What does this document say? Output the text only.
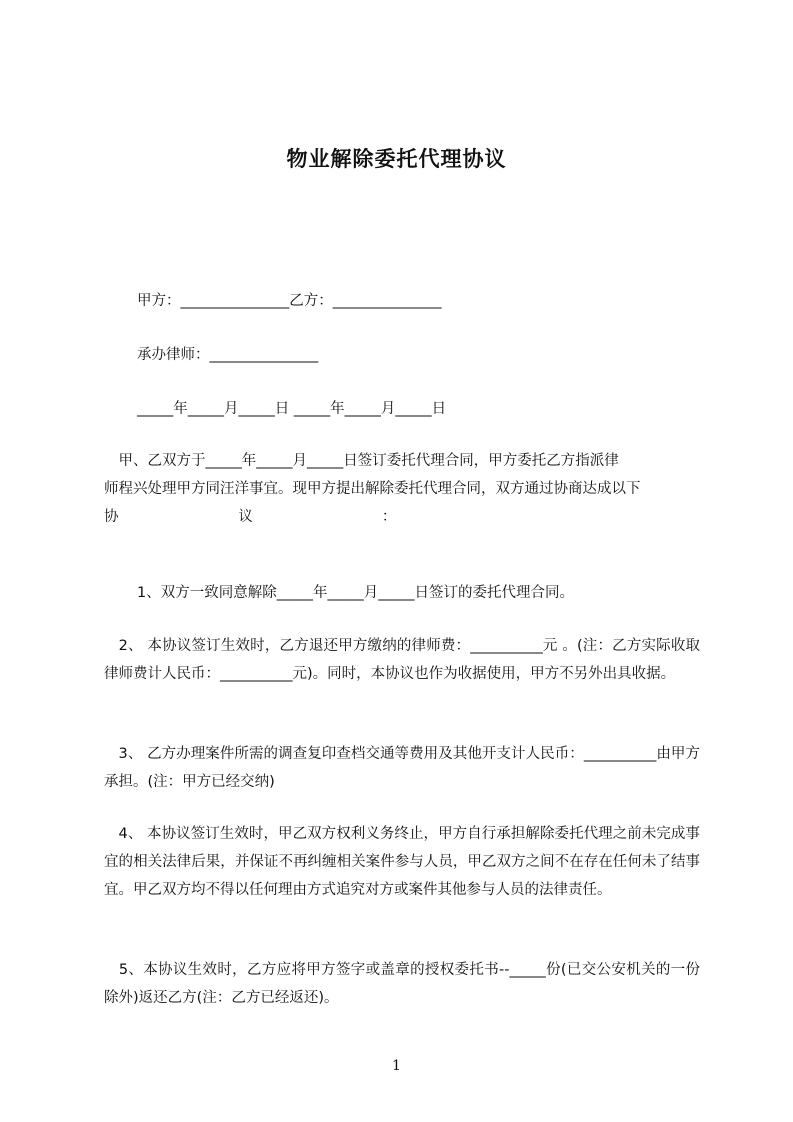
物业解除委托代理协议
甲方：_______________乙方：_______________
承办律师：_______________
_____年_____月_____日 _____年_____月_____日
　甲、乙双方于_____年_____月_____日签订委托代理合同，甲方委托乙方指派律
师程兴处理甲方同汪洋事宜。现甲方提出解除委托代理合同，双方通过协商达成以下
协                          议                            ：
1、双方一致同意解除_____年_____月_____日签订的委托代理合同。
　2、 本协议签订生效时，乙方退还甲方缴纳的律师费：__________元 。(注：乙方实际收取律师费计人民币：__________元)。同时，本协议也作为收据使用，甲方不另外出具收据。
　3、 乙方办理案件所需的调查复印查档交通等费用及其他开支计人民币：__________由甲方承担。(注：甲方已经交纳)
　4、 本协议签订生效时，甲乙双方权利义务终止，甲方自行承担解除委托代理之前未完成事宜的相关法律后果，并保证不再纠缠相关案件参与人员，甲乙双方之间不在存在任何未了结事宜。甲乙双方均不得以任何理由方式追究对方或案件其他参与人员的法律责任。
　5、本协议生效时，乙方应将甲方签字或盖章的授权委托书--_____份(已交公安机关的一份除外)返还乙方(注：乙方已经返还)。
1
